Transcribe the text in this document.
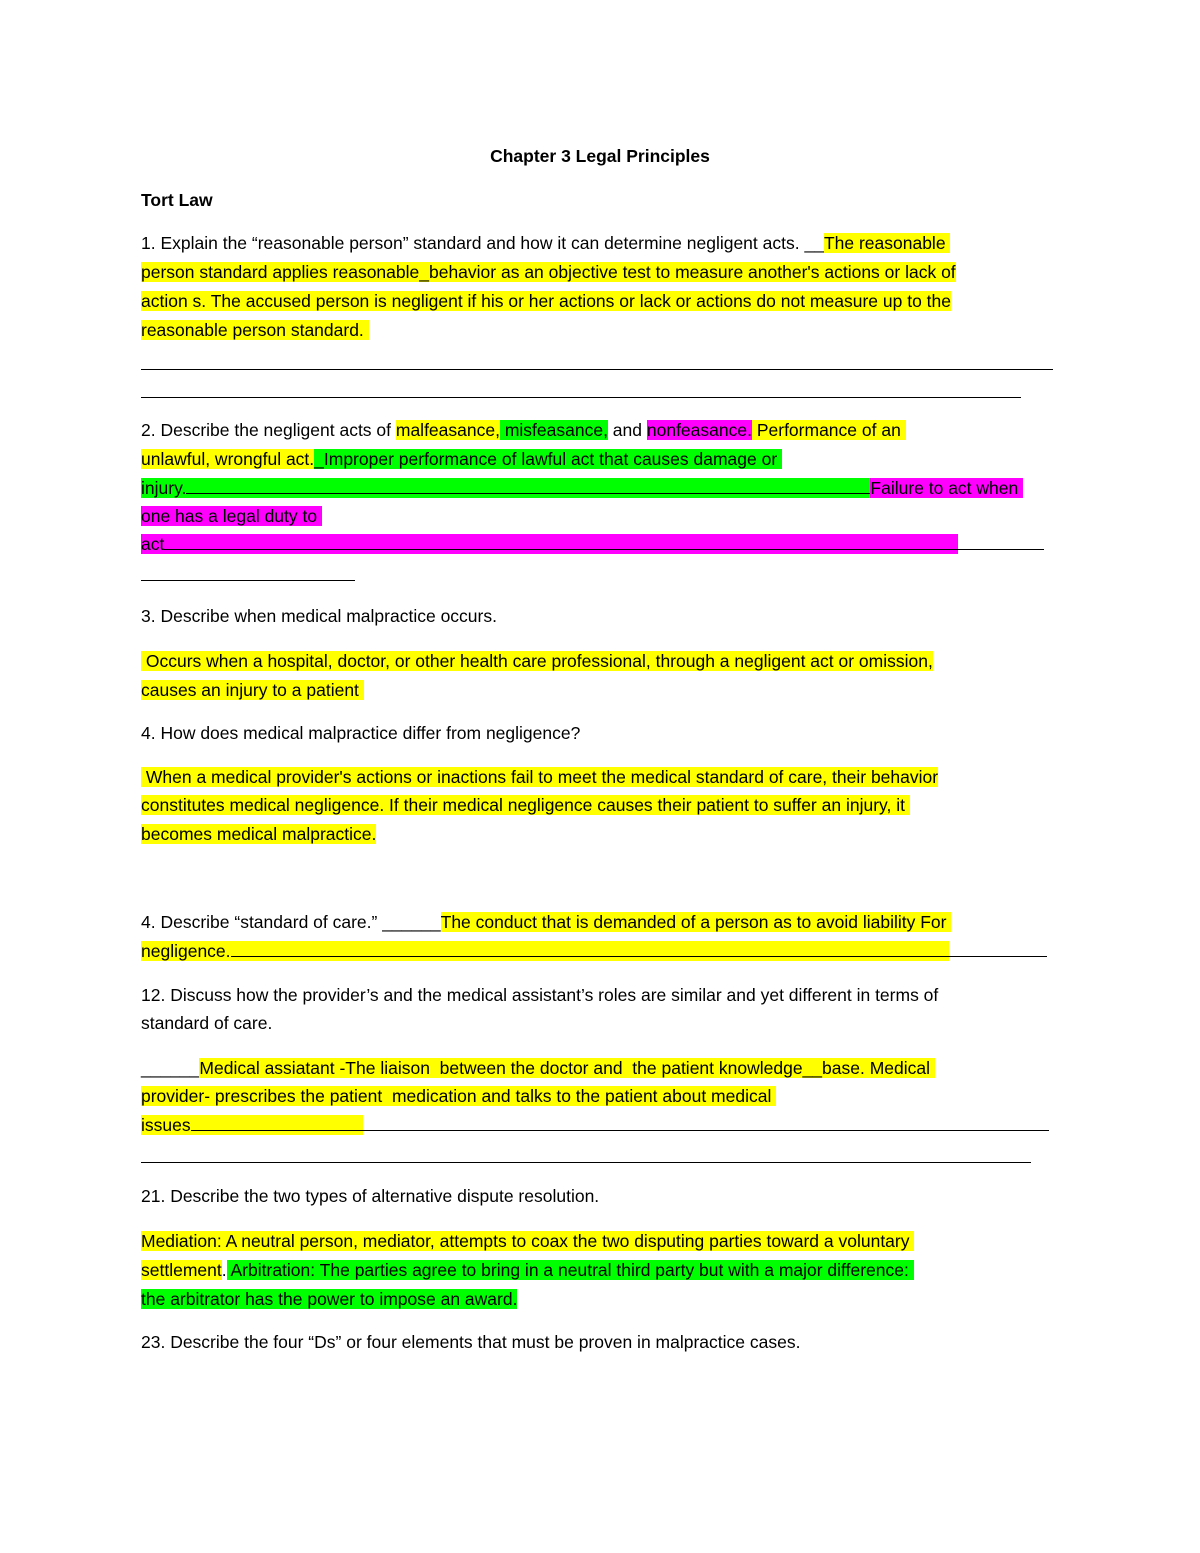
Chapter 3 Legal Principles
Tort Law
1. Explain the “reasonable person” standard and how it can determine negligent acts. __The reasonable
person standard applies reasonable_behavior as an objective test to measure another's actions or lack of
action s. The accused person is negligent if his or her actions or lack or actions do not measure up to the
reasonable person standard.
2. Describe the negligent acts of malfeasance, misfeasance, and nonfeasance. Performance of an
unlawful, wrongful act._Improper performance of lawful act that causes damage or
injury.	Failure to act when
one has a legal duty to
act
3. Describe when medical malpractice occurs.
Occurs when a hospital, doctor, or other health care professional, through a negligent act or omission,
causes an injury to a patient
4. How does medical malpractice differ from negligence?
When a medical provider's actions or inactions fail to meet the medical standard of care, their behavior
constitutes medical negligence. If their medical negligence causes their patient to suffer an injury, it
becomes medical malpractice.
4. Describe “standard of care.” ______The conduct that is demanded of a person as to avoid liability For
negligence.
12. Discuss how the provider’s and the medical assistant’s roles are similar and yet different in terms of
standard of care.
______Medical assiatant -The liaison  between the doctor and  the patient knowledge__base. Medical
provider- prescribes the patient  medication and talks to the patient about medical
issues
21. Describe the two types of alternative dispute resolution.
Mediation: A neutral person, mediator, attempts to coax the two disputing parties toward a voluntary
settlement. Arbitration: The parties agree to bring in a neutral third party but with a major difference:
the arbitrator has the power to impose an award.
23. Describe the four “Ds” or four elements that must be proven in malpractice cases.
